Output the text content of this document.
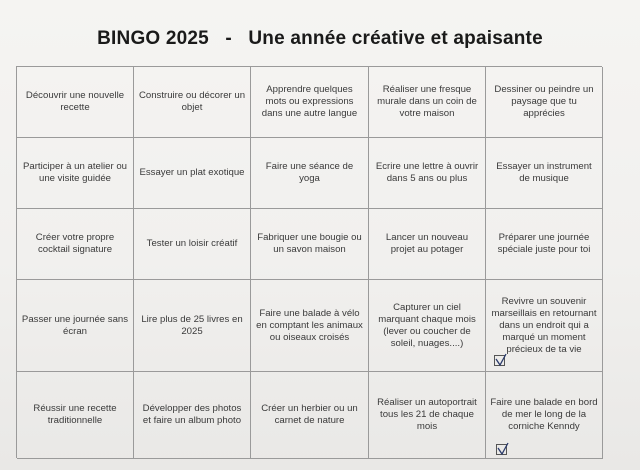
BINGO 2025   -   Une année créative et apaisante
Découvrir une nouvelle recette
Construire ou décorer un objet
Apprendre quelques mots ou expressions dans une autre langue
Réaliser une fresque murale dans un coin de votre maison
Dessiner ou peindre un paysage que tu apprécies
Participer à un atelier ou une visite guidée
Essayer un plat exotique
Faire une séance de yoga
Ecrire une lettre à ouvrir dans 5 ans ou plus
Essayer un instrument de musique
Créer votre propre cocktail signature
Tester un loisir créatif
Fabriquer une bougie ou un savon maison
Lancer un nouveau projet au potager
Préparer une journée spéciale juste pour toi
Passer une journée sans écran
Lire plus de 25 livres en 2025
Faire une balade à vélo en comptant les animaux ou oiseaux croisés
Capturer un ciel marquant chaque mois (lever ou coucher de soleil, nuages....)
Revivre un souvenir marseillais en retournant dans un endroit qui a marqué un moment précieux de ta vie
Réussir une recette traditionnelle
Développer des photos et faire un album photo
Créer un herbier ou un carnet de nature
Réaliser un autoportrait tous les 21 de chaque mois
Faire une balade en bord de mer le long de la corniche Kenndy
